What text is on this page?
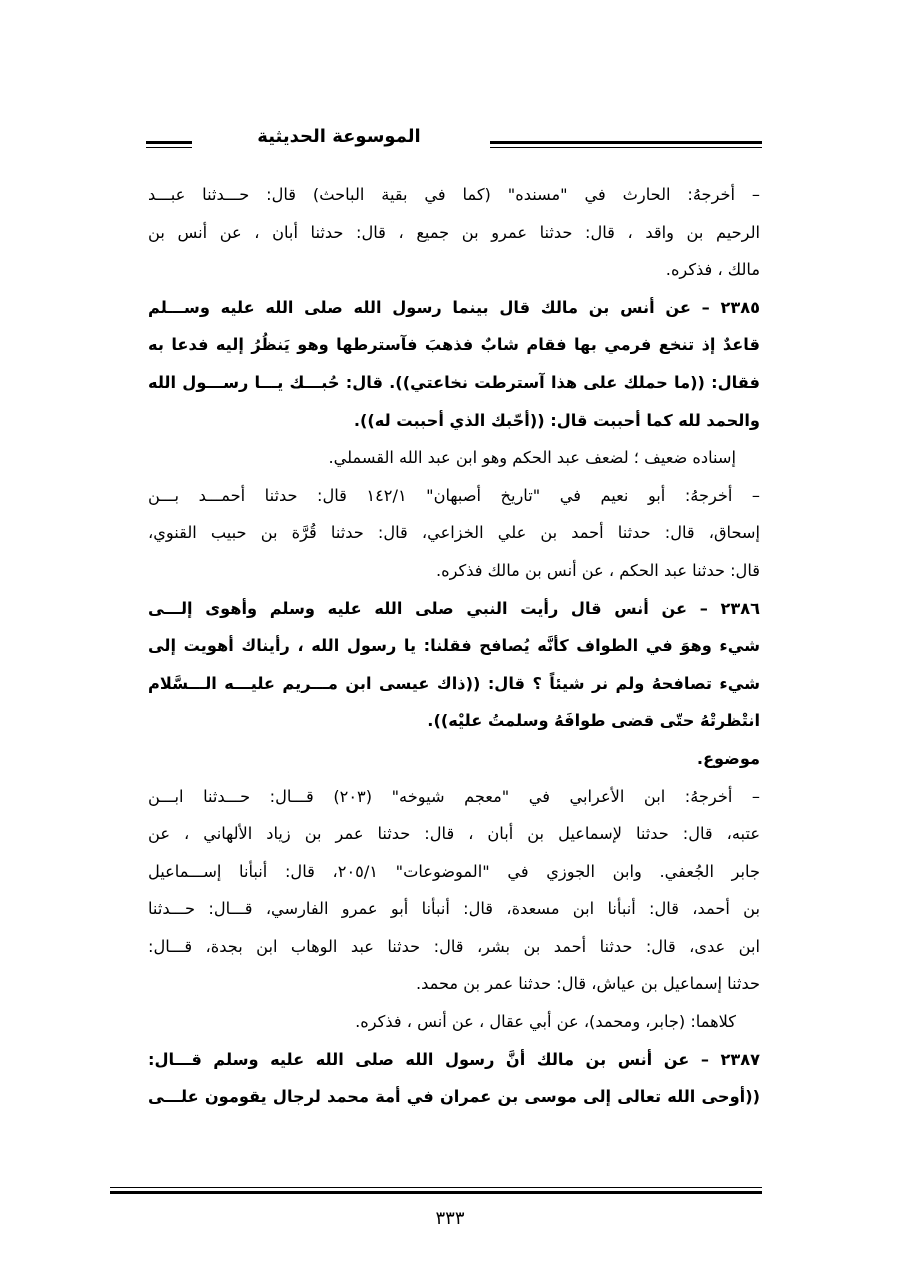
الموسوعة الحديثية
– أخرجهُ: الحارث في "مسنده" (كما في بقية الباحث) قال: حـــدثنا عبـــد
الرحيم بن واقد ، قال: حدثنا عمرو بن جميع ، قال: حدثنا أبان ، عن أنس بن
مالك ، فذكره.
٢٣٨٥ – عن أنس بن مالك قال بينما رسول الله صلى الله عليه وســـلم
قاعدٌ إذ تنخع فرمي بها فقام شابٌ فذهبَ فآسترطها وهو يَنظُرُ إليه فدعا به
فقال: ((ما حملك على هذا آسترطت نخاعتي)). قال: حُبـــك يـــا رســـول الله
والحمد لله كما أحببت قال: ((أحّبك الذي أحببت له)).
إسناده ضعيف ؛ لضعف عبد الحكم وهو ابن عبد الله القسملي.
– أخرجهُ: أبو نعيم في "تاريخ أصبهان" ١٤٢/١ قال: حدثنا أحمـــد بـــن
إسحاق، قال: حدثنا أحمد بن علي الخزاعي، قال: حدثنا قُرَّة بن حبيب القنوي،
قال: حدثنا عبد الحكم ، عن أنس بن مالك فذكره.
٢٣٨٦ – عن أنس قال رأيت النبي صلى الله عليه وسلم وأهوى إلـــى
شيء وهوَ في الطواف كأنَّه يُصافح فقلنا: يا رسول الله ، رأيناك أهويت إلى
شيء تصافحهُ ولم نر شيئاً ؟ قال: ((ذاك عيسى ابن مـــريم عليـــه الـــسَّلام
انتْظرتْهُ حتّى قضى طوافَهُ وسلمتُ عليْه)).
موضوع.
– أخرجهُ: ابن الأعرابي في "معجم شيوخه" (٢٠٣) قـــال: حـــدثنا ابـــن
عتبه، قال: حدثنا لإسماعيل بن أبان ، قال: حدثنا عمر بن زياد الألهاني ، عن
جابر الجُعفي. وابن الجوزي في "الموضوعات" ٢٠٥/١، قال: أنبأنا إســـماعيل
بن أحمد، قال: أنبأنا ابن مسعدة، قال: أنبأنا أبو عمرو الفارسي، قـــال: حـــدثنا
ابن عدى، قال: حدثنا أحمد بن بشر، قال: حدثنا عبد الوهاب ابن بجدة، قـــال:
حدثنا إسماعيل بن عياش، قال: حدثنا عمر بن محمد.
كلاهما: (جابر، ومحمد)، عن أبي عقال ، عن أنس ، فذكره.
٢٣٨٧ – عن أنس بن مالك أنَّ رسول الله صلى الله عليه وسلم قـــال:
((أوحى الله تعالى إلى موسى بن عمران في أمة محمد لرجال يقومون علـــى
٣٣٣
